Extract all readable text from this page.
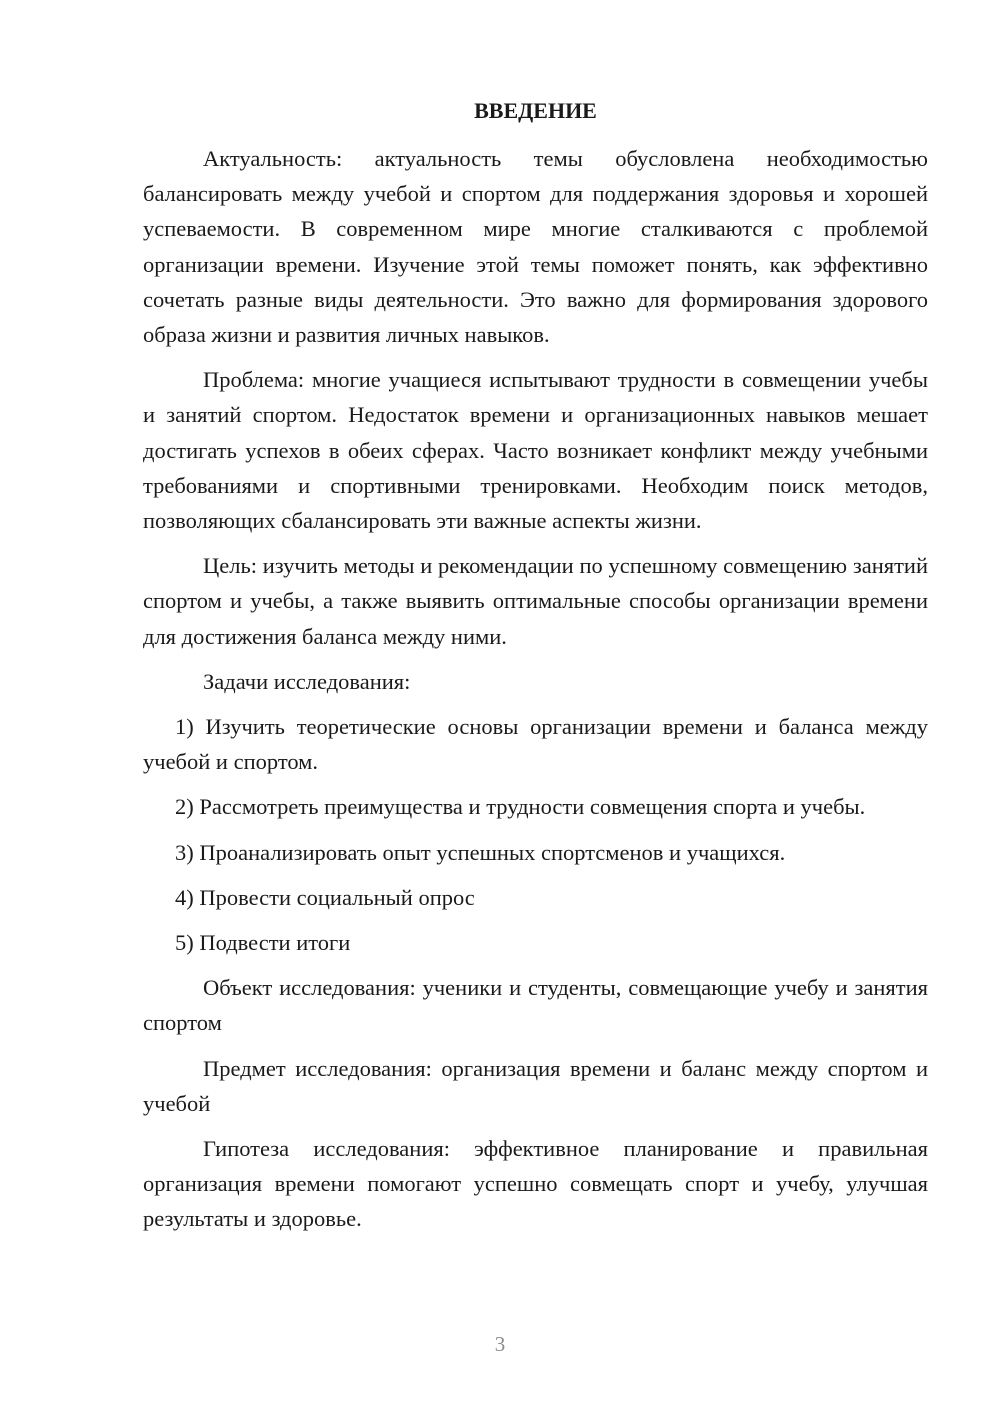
ВВЕДЕНИЕ

Актуальность: актуальность темы обусловлена необходимостью балансировать между учебой и спортом для поддержания здоровья и хорошей успеваемости. В современном мире многие сталкиваются с проблемой организации времени. Изучение этой темы поможет понять, как эффективно сочетать разные виды деятельности. Это важно для формирования здорового образа жизни и развития личных навыков.

Проблема: многие учащиеся испытывают трудности в совмещении учебы и занятий спортом. Недостаток времени и организационных навыков мешает достигать успехов в обеих сферах. Часто возникает конфликт между учебными требованиями и спортивными тренировками. Необходим поиск методов, позволяющих сбалансировать эти важные аспекты жизни.

Цель: изучить методы и рекомендации по успешному совмещению занятий спортом и учебы, а также выявить оптимальные способы организации времени для достижения баланса между ними.

Задачи исследования:

1) Изучить теоретические основы организации времени и баланса между учебой и спортом.

2) Рассмотреть преимущества и трудности совмещения спорта и учебы.

3) Проанализировать опыт успешных спортсменов и учащихся.

4) Провести социальный опрос

5) Подвести итоги

Объект исследования: ученики и студенты, совмещающие учебу и занятия спортом

Предмет исследования: организация времени и баланс между спортом и учебой

Гипотеза исследования: эффективное планирование и правильная организация времени помогают успешно совмещать спорт и учебу, улучшая результаты и здоровье.

3
